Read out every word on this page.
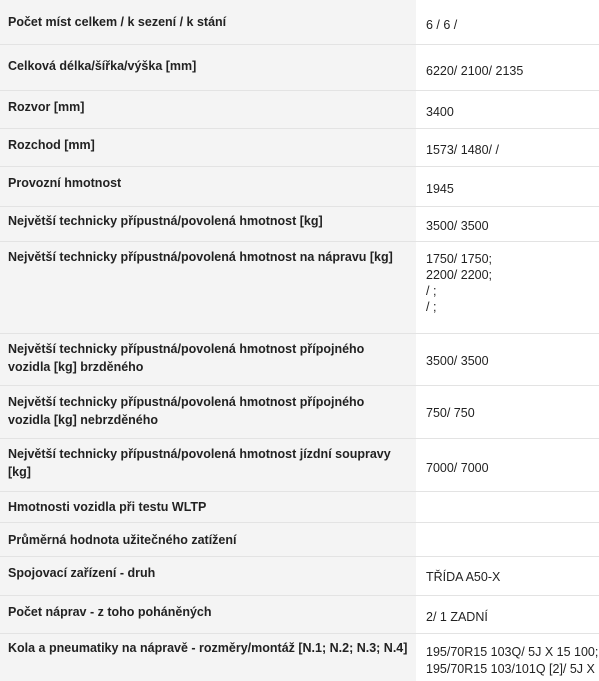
Počet míst celkem / k sezení / k stání	6 / 6 /

Celková délka/šířka/výška [mm]	6220/ 2100/ 2135

Rozvor [mm]	3400

Rozchod [mm]	1573/ 1480/ /

Provozní hmotnost	1945

Největší technicky přípustná/povolená hmotnost [kg]	3500/ 3500

Největší technicky přípustná/povolená hmotnost na nápravu [kg]	1750/ 1750;
2200/ 2200;
/ ;
/ ;

Největší technicky přípustná/povolená hmotnost přípojného vozidla [kg] brzděného	3500/ 3500

Největší technicky přípustná/povolená hmotnost přípojného vozidla [kg] nebrzděného	750/ 750

Největší technicky přípustná/povolená hmotnost jízdní soupravy [kg]	7000/ 7000

Hmotnosti vozidla při testu WLTP	

Průměrná hodnota užitečného zatížení	

Spojovací zařízení - druh	TŘÍDA A50-X

Počet náprav - z toho poháněných	2/ 1 ZADNÍ

Kola a pneumatiky na nápravě - rozměry/montáž [N.1; N.2; N.3; N.4]	195/70R15 103Q/ 5J X 15 100;
195/70R15 103/101Q [2]/ 5J X
